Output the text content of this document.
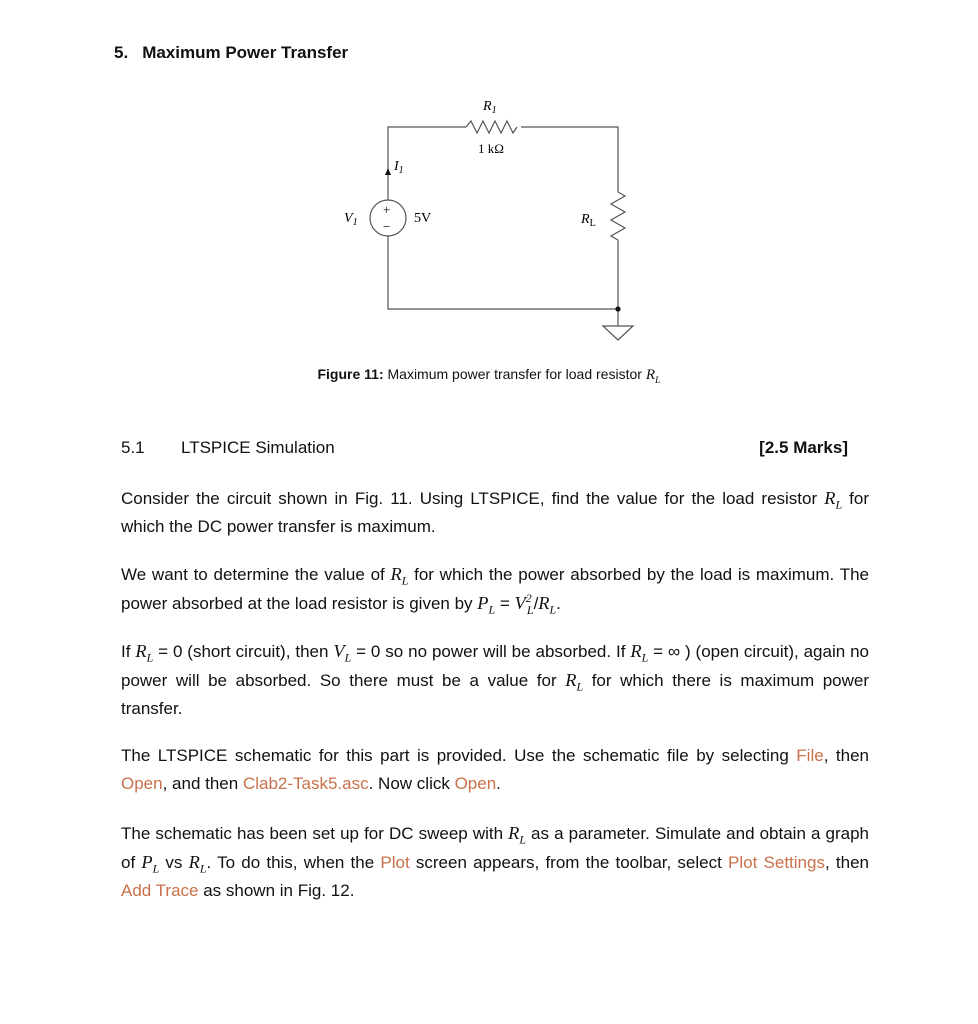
5. Maximum Power Transfer
$R_1$
1 kΩ
$I_1$
$V_1$
+
−
5V	$R_L$
Figure 11: Maximum power transfer for load resistor $R_L$
5.1 LTSPICE Simulation	[2.5 Marks]
Consider the circuit shown in Fig. 11. Using LTSPICE, find the value for the load resistor $R_L$ for which the DC power transfer is maximum.
We want to determine the value of $R_L$ for which the power absorbed by the load is maximum. The power absorbed at the load resistor is given by $P_L = V^2_L/R_L$.
If $R_L = 0$ (short circuit), then $V_L = 0$ so no power will be absorbed. If $R_L$ = ∞ ) (open circuit), again no power will be absorbed. So there must be a value for $R_L$ for which there is maximum power transfer.
The LTSPICE schematic for this part is provided. Use the schematic file by selecting File, then Open, and then Clab2-Task5.asc. Now click Open.
The schematic has been set up for DC sweep with $R_L$ as a parameter. Simulate and obtain a graph of $P_L$ vs $R_L$. To do this, when the Plot screen appears, from the toolbar, select Plot Settings, then Add Trace as shown in Fig. 12.
